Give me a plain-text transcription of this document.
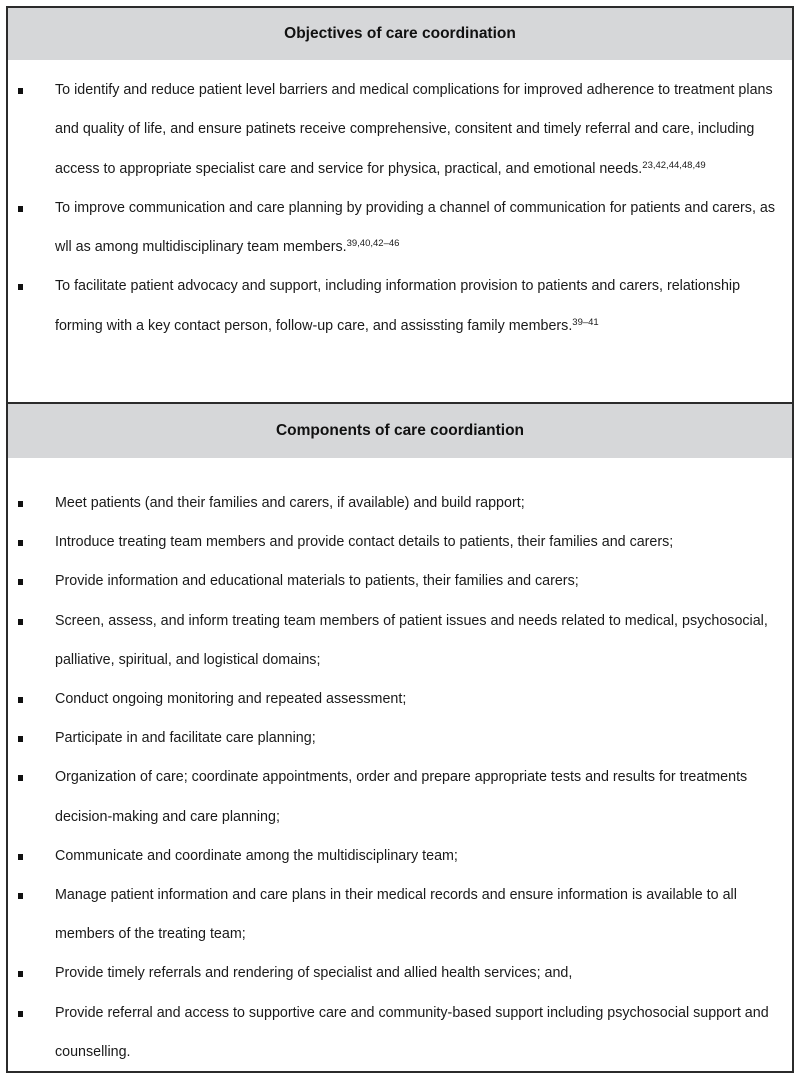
Objectives of care coordination
To identify and reduce patient level barriers and medical complications for improved adherence to treatment plans and quality of life, and ensure patinets receive comprehensive, consitent and timely referral and care, including access to appropriate specialist care and service for physica, practical, and emotional needs.$^{23,42,44,48,49}$
To improve communication and care planning by providing a channel of communication for patients and carers, as wll as among multidisciplinary team members.$^{39,40,42-46}$
To facilitate patient advocacy and support, including information provision to patients and carers, relationship forming with a key contact person, follow-up care, and assissting family members.$^{39-41}$
Components of care coordiantion
Meet patients (and their families and carers, if available) and build rapport;
Introduce treating team members and provide contact details to patients, their families and carers;
Provide information and educational materials to patients, their families and carers;
Screen, assess, and inform treating team members of patient issues and needs related to medical, psychosocial, palliative, spiritual, and logistical domains;
Conduct ongoing monitoring and repeated assessment;
Participate in and facilitate care planning;
Organization of care; coordinate appointments, order and prepare appropriate tests and results for treatments decision-making and care planning;
Communicate and coordinate among the multidisciplinary team;
Manage patient information and care plans in their medical records and ensure information is available to all members of the treating team;
Provide timely referrals and rendering of specialist and allied health services; and,
Provide referral and access to supportive care and community-based support including psychosocial support and counselling.
